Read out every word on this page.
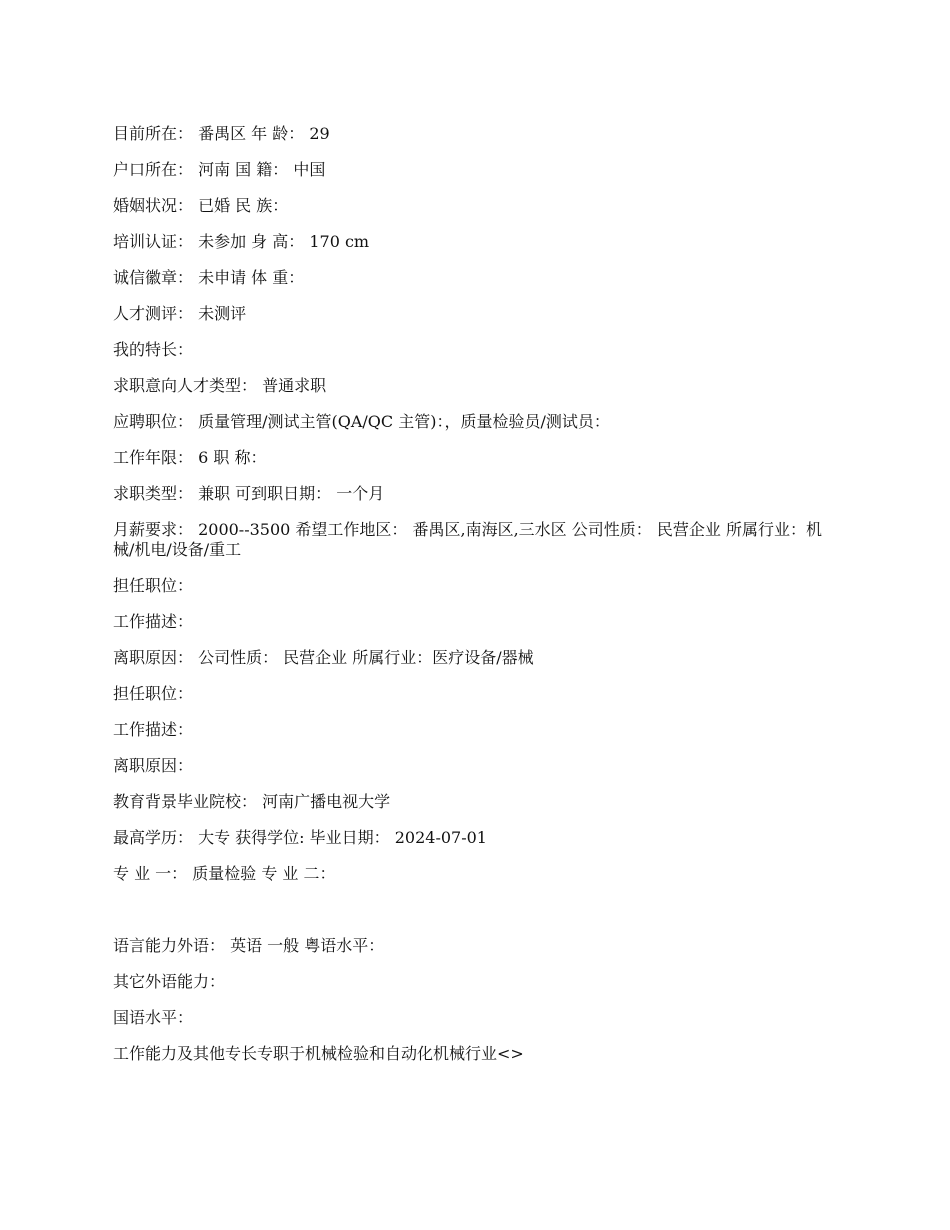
目前所在： 番禺区 年 龄： 29
户口所在： 河南 国 籍： 中国
婚姻状况： 已婚 民 族：
培训认证： 未参加 身 高： 170 cm
诚信徽章： 未申请 体 重：
人才测评： 未测评
我的特长：
求职意向人才类型： 普通求职
应聘职位： 质量管理/测试主管(QA/QC 主管)：，质量检验员/测试员：
工作年限： 6 职 称：
求职类型： 兼职 可到职日期： 一个月
月薪要求： 2000--3500 希望工作地区： 番禺区,南海区,三水区 公司性质： 民营企业 所属行业：机械/机电/设备/重工
担任职位：
工作描述：
离职原因： 公司性质： 民营企业 所属行业：医疗设备/器械
担任职位：
工作描述：
离职原因：
教育背景毕业院校： 河南广播电视大学
最高学历： 大专 获得学位: 毕业日期： 2024-07-01
专 业 一： 质量检验 专 业 二：
语言能力外语： 英语 一般 粤语水平：
其它外语能力：
国语水平：
工作能力及其他专长专职于机械检验和自动化机械行业<>
